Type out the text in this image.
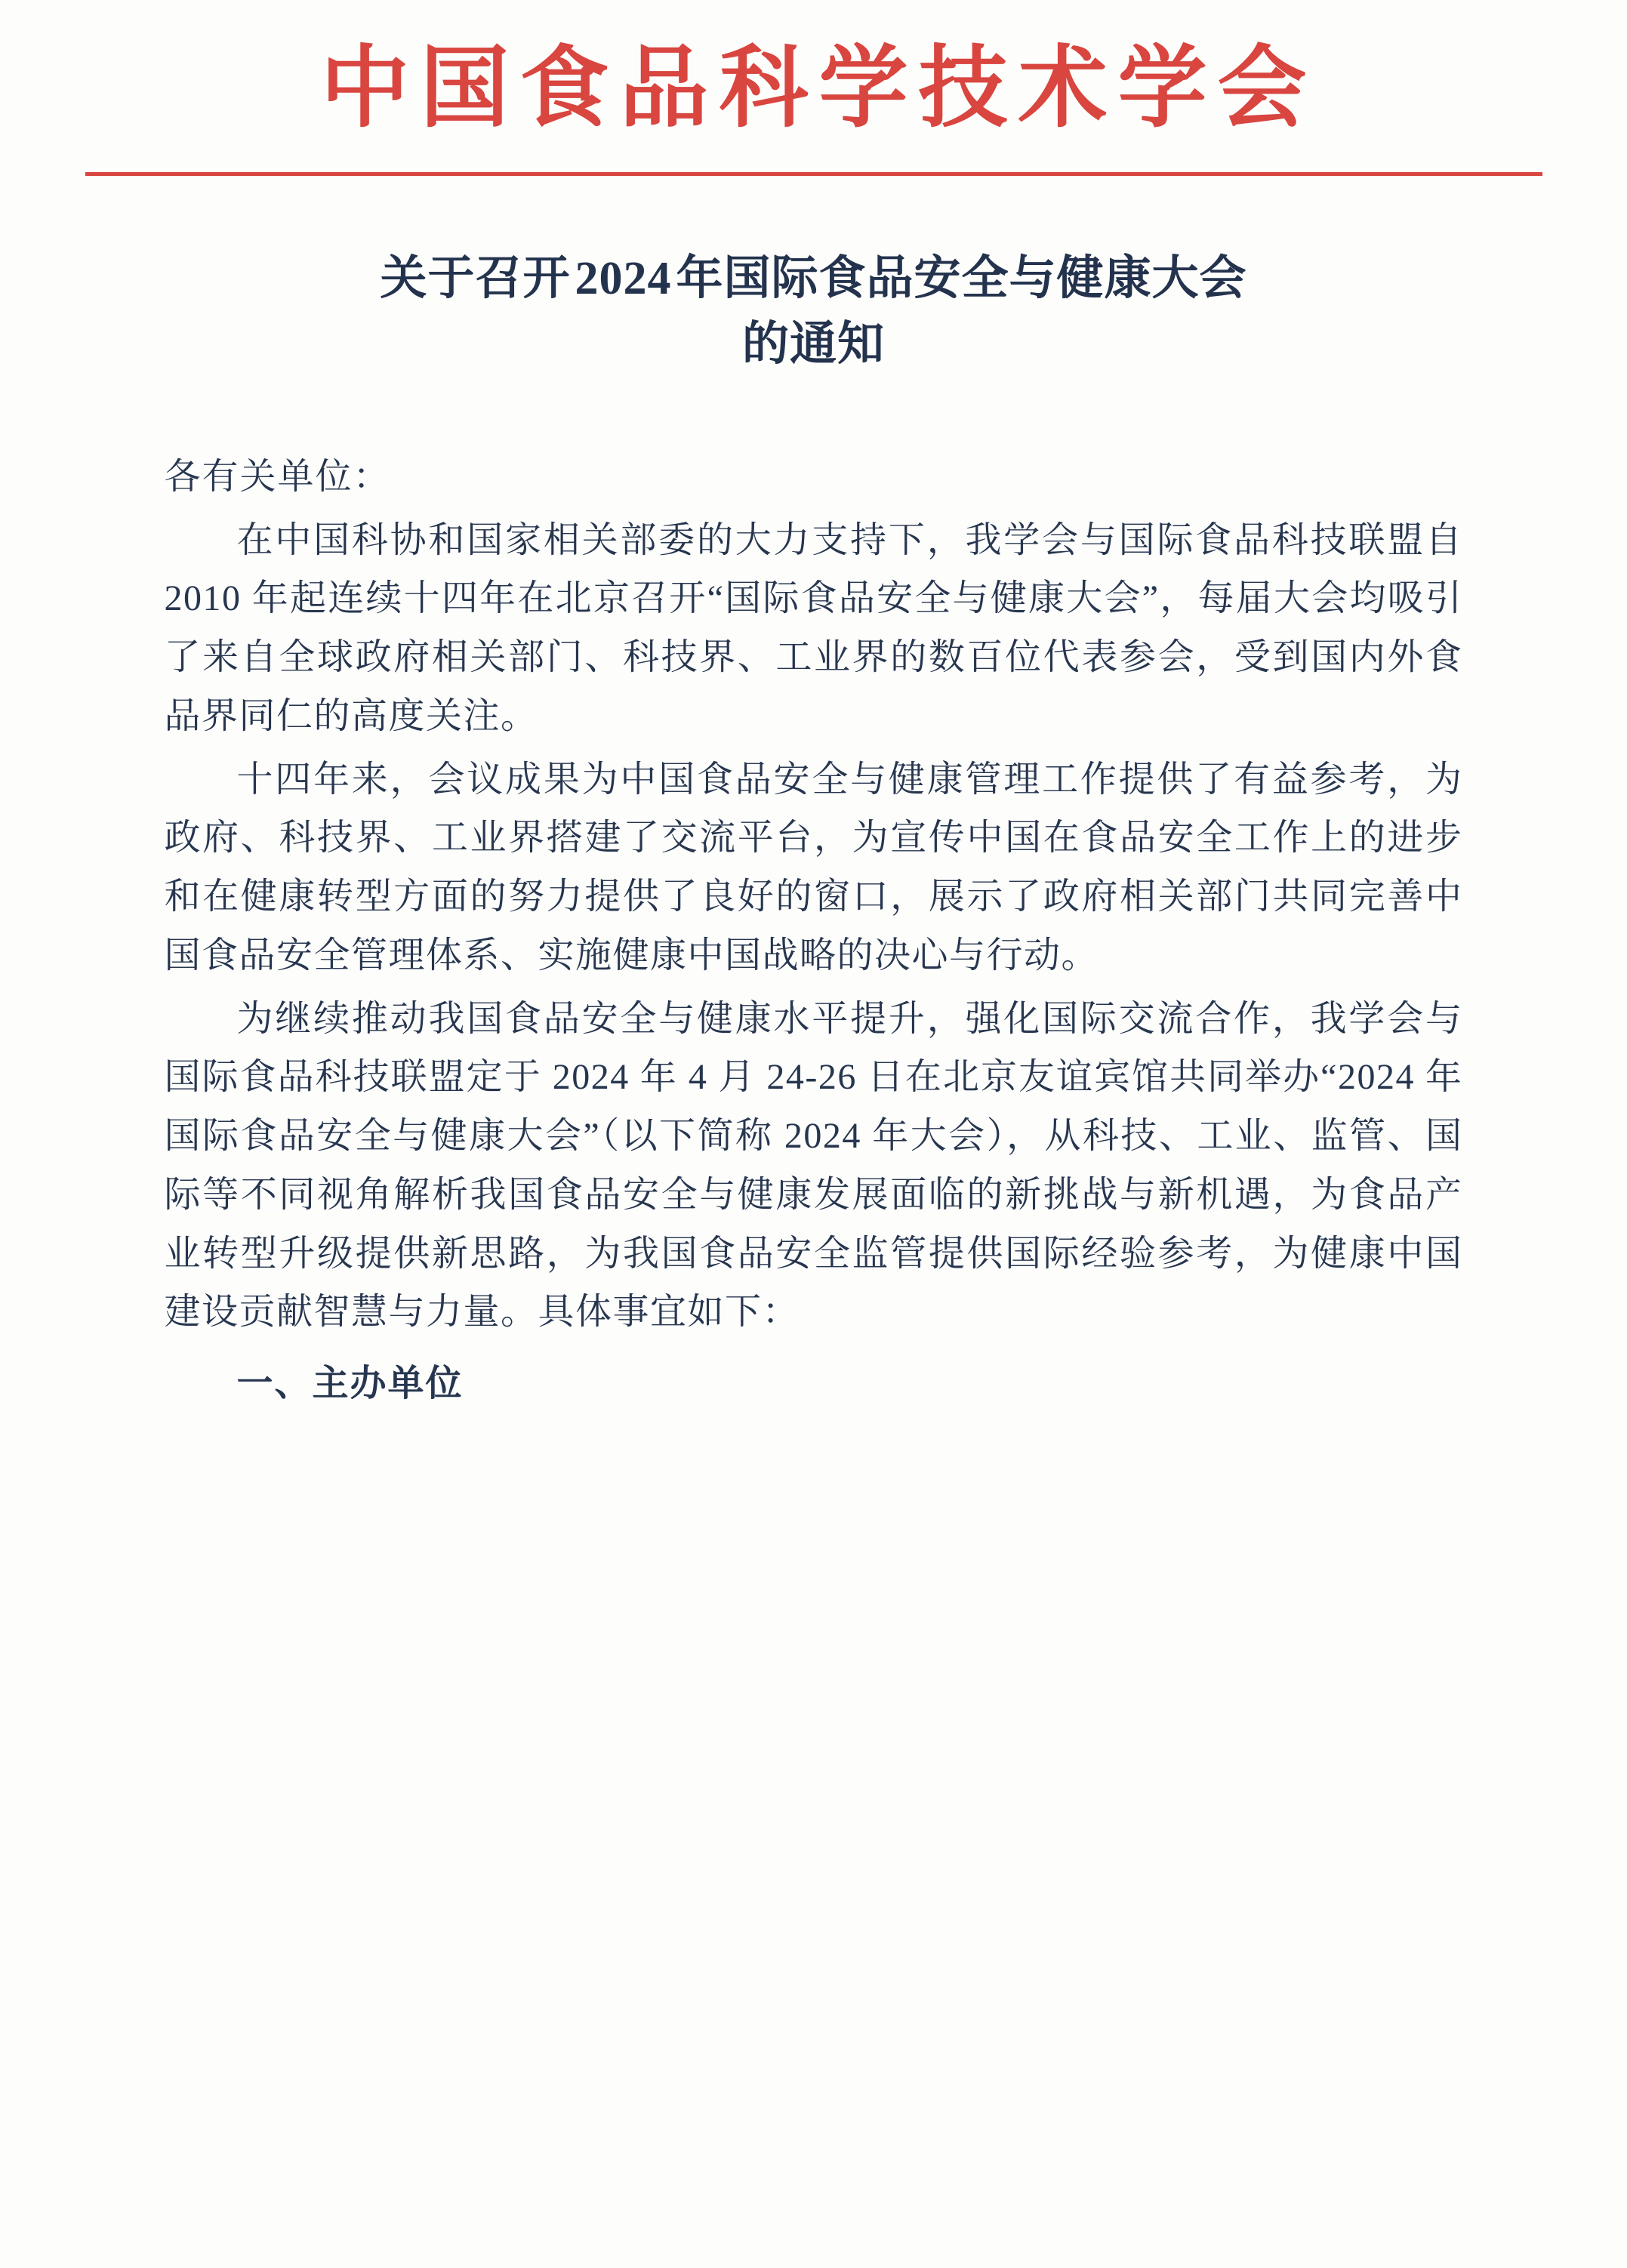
中国食品科学技术学会
关于召开2024年国际食品安全与健康大会
的通知
各有关单位：

在中国科协和国家相关部委的大力支持下，我学会与国际食品科技联盟自 2010 年起连续十四年在北京召开“国际食品安全与健康大会”，每届大会均吸引了来自全球政府相关部门、科技界、工业界的数百位代表参会，受到国内外食品界同仁的高度关注。

十四年来，会议成果为中国食品安全与健康管理工作提供了有益参考，为政府、科技界、工业界搭建了交流平台，为宣传中国在食品安全工作上的进步和在健康转型方面的努力提供了良好的窗口，展示了政府相关部门共同完善中国食品安全管理体系、实施健康中国战略的决心与行动。

为继续推动我国食品安全与健康水平提升，强化国际交流合作，我学会与国际食品科技联盟定于 2024 年 4 月 24-26 日在北京友谊宾馆共同举办“2024 年国际食品安全与健康大会”（以下简称 2024 年大会），从科技、工业、监管、国际等不同视角解析我国食品安全与健康发展面临的新挑战与新机遇，为食品产业转型升级提供新思路，为我国食品安全监管提供国际经验参考，为健康中国建设贡献智慧与力量。具体事宜如下：

一、主办单位
